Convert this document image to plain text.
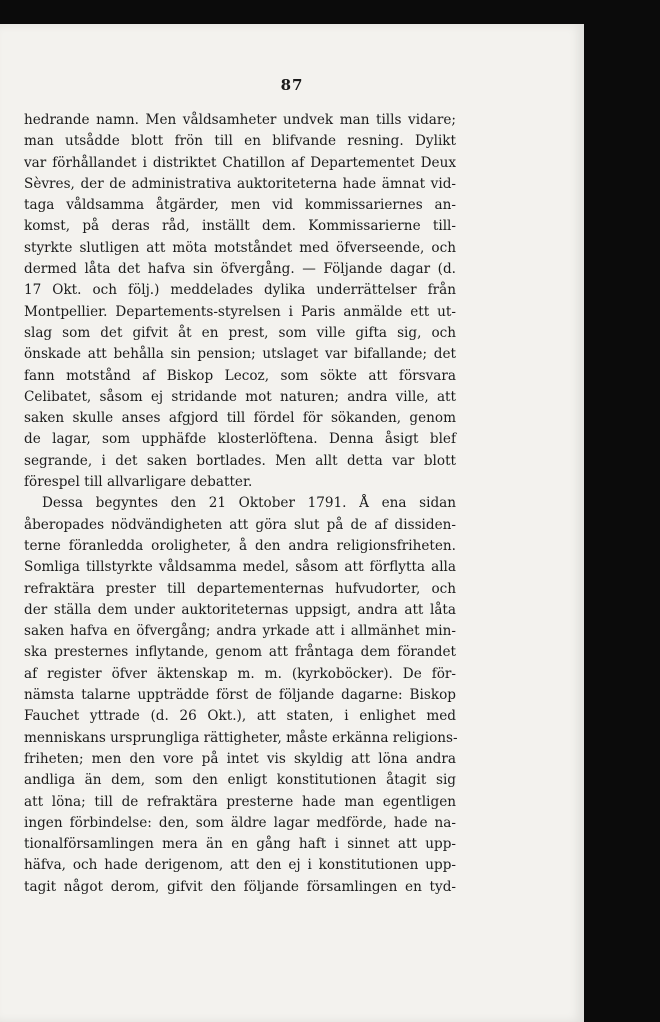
87
hedrande namn. Men våldsamheter undvek man tills vidare;
man utsådde blott frön till en blifvande resning. Dylikt
var förhållandet i distriktet Chatillon af Departementet Deux
Sèvres, der de administrativa auktoriteterna hade ämnat vid-
taga våldsamma åtgärder, men vid kommissariernes an-
komst, på deras råd, inställt dem. Kommissarierne till-
styrkte slutligen att möta motståndet med öfverseende, och
dermed låta det hafva sin öfvergång. — Följande dagar (d.
17 Okt. och följ.) meddelades dylika underrättelser från
Montpellier. Departements-styrelsen i Paris anmälde ett ut-
slag som det gifvit åt en prest, som ville gifta sig, och
önskade att behålla sin pension; utslaget var bifallande; det
fann motstånd af Biskop Lecoz, som sökte att försvara
Celibatet, såsom ej stridande mot naturen; andra ville, att
saken skulle anses afgjord till fördel för sökanden, genom
de lagar, som upphäfde klosterlöftena. Denna åsigt blef
segrande, i det saken bortlades. Men allt detta var blott
förespel till allvarligare debatter.
Dessa begyntes den 21 Oktober 1791. Å ena sidan
åberopades nödvändigheten att göra slut på de af dissiden-
terne föranledda oroligheter, å den andra religionsfriheten.
Somliga tillstyrkte våldsamma medel, såsom att förflytta alla
refraktära prester till departementernas hufvudorter, och
der ställa dem under auktoriteternas uppsigt, andra att låta
saken hafva en öfvergång; andra yrkade att i allmänhet min-
ska presternes inflytande, genom att fråntaga dem förandet
af register öfver äktenskap m. m. (kyrkoböcker). De för-
nämsta talarne uppträdde först de följande dagarne: Biskop
Fauchet yttrade (d. 26 Okt.), att staten, i enlighet med
menniskans ursprungliga rättigheter, måste erkänna religions-
friheten; men den vore på intet vis skyldig att löna andra
andliga än dem, som den enligt konstitutionen åtagit sig
att löna; till de refraktära presterne hade man egentligen
ingen förbindelse: den, som äldre lagar medförde, hade na-
tionalförsamlingen mera än en gång haft i sinnet att upp-
häfva, och hade derigenom, att den ej i konstitutionen upp-
tagit något derom, gifvit den följande församlingen en tyd-
